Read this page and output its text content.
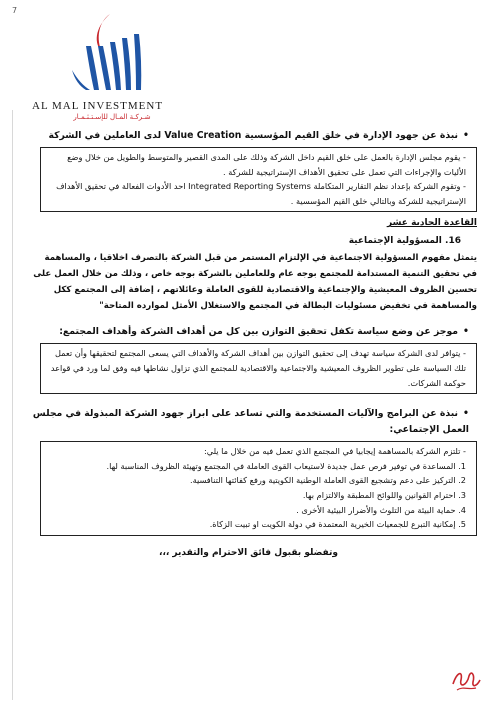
7
AL MAL INVESTMENT
شـركـة المـال للإسـتـثـمـار

• نبذة عن جهود الإدارة في خلق القيم المؤسسية Value Creation لدى العاملين في الشركة

- يقوم مجلس الإدارة بالعمل على خلق القيم داخل الشركة وذلك على المدى القصير والمتوسط والطويل من خلال وضع الأليات والإجراءات التي تعمل على تحقيق الأهداف الإستراتيجية للشركة .

- وتقوم الشركة بإعداد نظم التقارير المتكاملة Integrated Reporting Systems احد الأدوات الفعالة في تحقيق الأهداف الإستراتيجية للشركة وبالتالي خلق القيم المؤسسية .

القاعدة الحادية عشر

16. المسؤولية الإجتماعية

يتمثل مفهوم المسؤولية الاجتماعية في الإلتزام المستمر من قبل الشركة بالتصرف اخلاقيا ، والمساهمة في تحقيق التنمية المستدامة للمجتمع بوجه عام وللعاملين بالشركة بوجه خاص ، وذلك من خلال العمل على تحسين الظروف المعيشية والإجتماعية والاقتصادية للقوى العاملة وعائلاتهم ، إضافة إلى المجتمع ككل والمساهمة في تخفيض مسئوليات البطالة في المجتمع والاستغلال الأمثل لموارده المتاحة"

• موجز عن وضع سياسة تكفل تحقيق التوازن بين كل من أهداف الشركة وأهداف المجتمع:

- يتوافر لدى الشركة سياسة تهدف إلى تحقيق التوازن بين أهداف الشركة والأهداف التي يسعى المجتمع لتحقيقها وأن تعمل تلك السياسة على تطوير الظروف المعيشية والاجتماعية والاقتصادية للمجتمع الذي تزاول نشاطها فيه وفق لما ورد في قواعد حوكمة الشركات.

• نبذة عن البرامج والآليات المستخدمة والتي تساعد على ابراز جهود الشركة المبذولة في مجلس العمل الإجتماعي:

- تلتزم الشركة بالمساهمة إيجابيا في المجتمع الذي تعمل فيه من خلال ما يلي:

1. المساعدة في توفير فرص عمل جديدة لاستيعاب القوى العاملة في المجتمع وتهيئة الظروف المناسبة لها.

2. التركيز على دعم وتشجيع القوى العاملة الوطنية الكويتية ورفع كفائتها التنافسية.

3. احترام القوانين واللوائح المطبقة والالتزام بها.

4. حماية البيئة من التلوث والأضرار البيئية الأخرى .

5. إمكانية التبرع للجمعيات الخيرية المعتمدة في دولة الكويت او تبيت الزكاة.

وتفضلو بقبول فائق الاحترام والتقدير ،،،
